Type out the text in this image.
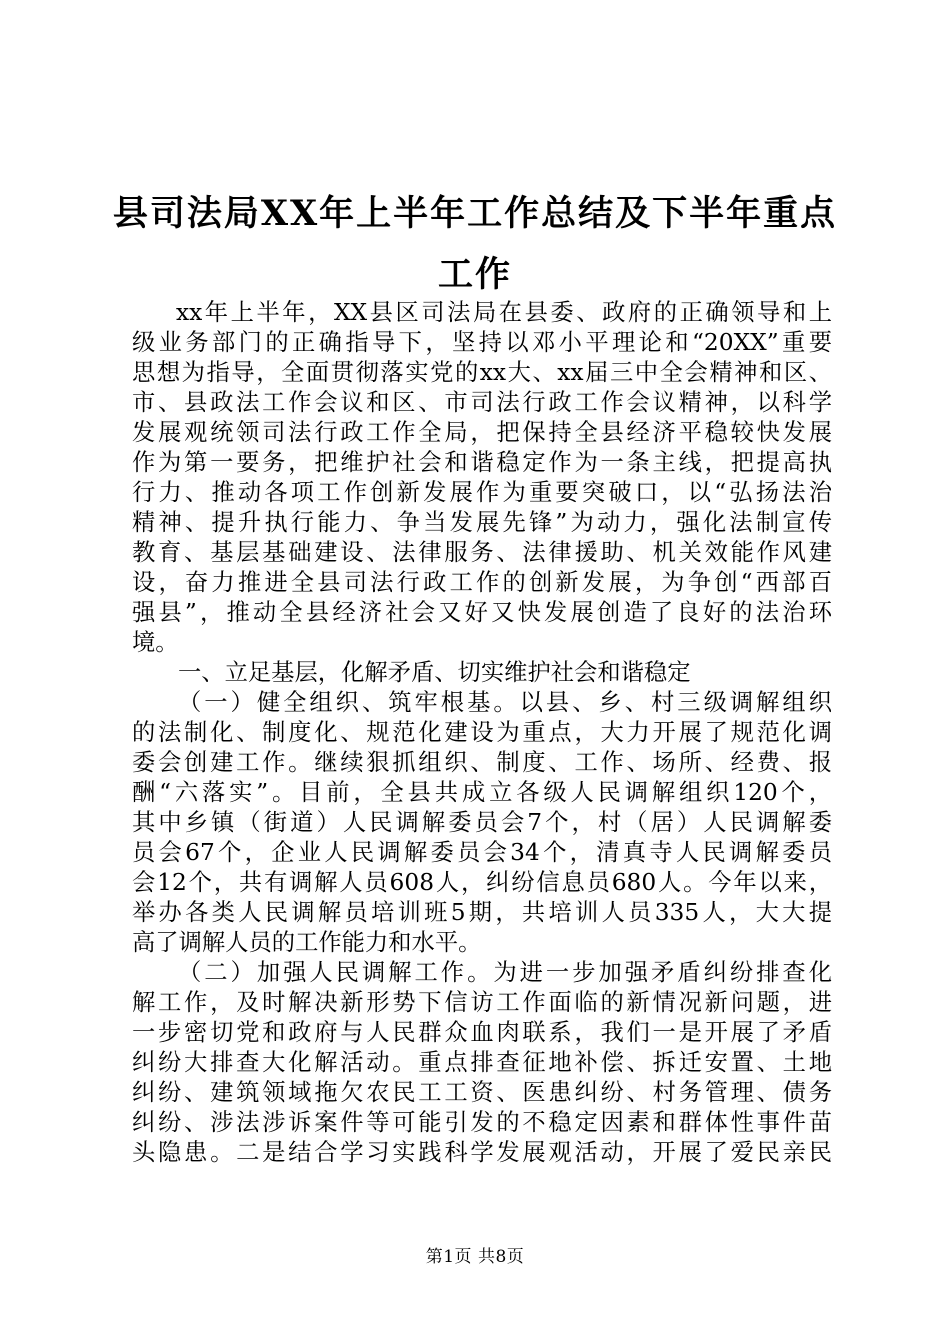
县司法局XX年上半年工作总结及下半年重点
工作
xx年上半年，XX县区司法局在县委、政府的正确领导和上
级业务部门的正确指导下，坚持以邓小平理论和“20XX”重要
思想为指导，全面贯彻落实党的xx大、xx届三中全会精神和区、
市、县政法工作会议和区、市司法行政工作会议精神，以科学
发展观统领司法行政工作全局，把保持全县经济平稳较快发展
作为第一要务，把维护社会和谐稳定作为一条主线，把提高执
行力、推动各项工作创新发展作为重要突破口，以“弘扬法治
精神、提升执行能力、争当发展先锋”为动力，强化法制宣传
教育、基层基础建设、法律服务、法律援助、机关效能作风建
设，奋力推进全县司法行政工作的创新发展，为争创“西部百
强县”，推动全县经济社会又好又快发展创造了良好的法治环
境。
一、立足基层，化解矛盾、切实维护社会和谐稳定
（一）健全组织、筑牢根基。以县、乡、村三级调解组织
的法制化、制度化、规范化建设为重点，大力开展了规范化调
委会创建工作。继续狠抓组织、制度、工作、场所、经费、报
酬“六落实”。目前，全县共成立各级人民调解组织120个，
其中乡镇（街道）人民调解委员会7个，村（居）人民调解委
员会67个，企业人民调解委员会34个，清真寺人民调解委员
会12个，共有调解人员608人，纠纷信息员680人。今年以来，
举办各类人民调解员培训班5期，共培训人员335人，大大提
高了调解人员的工作能力和水平。
（二）加强人民调解工作。为进一步加强矛盾纠纷排查化
解工作，及时解决新形势下信访工作面临的新情况新问题，进
一步密切党和政府与人民群众血肉联系，我们一是开展了矛盾
纠纷大排查大化解活动。重点排查征地补偿、拆迁安置、土地
纠纷、建筑领域拖欠农民工工资、医患纠纷、村务管理、债务
纠纷、涉法涉诉案件等可能引发的不稳定因素和群体性事件苗
头隐患。二是结合学习实践科学发展观活动，开展了爱民亲民
第1页 共8页
